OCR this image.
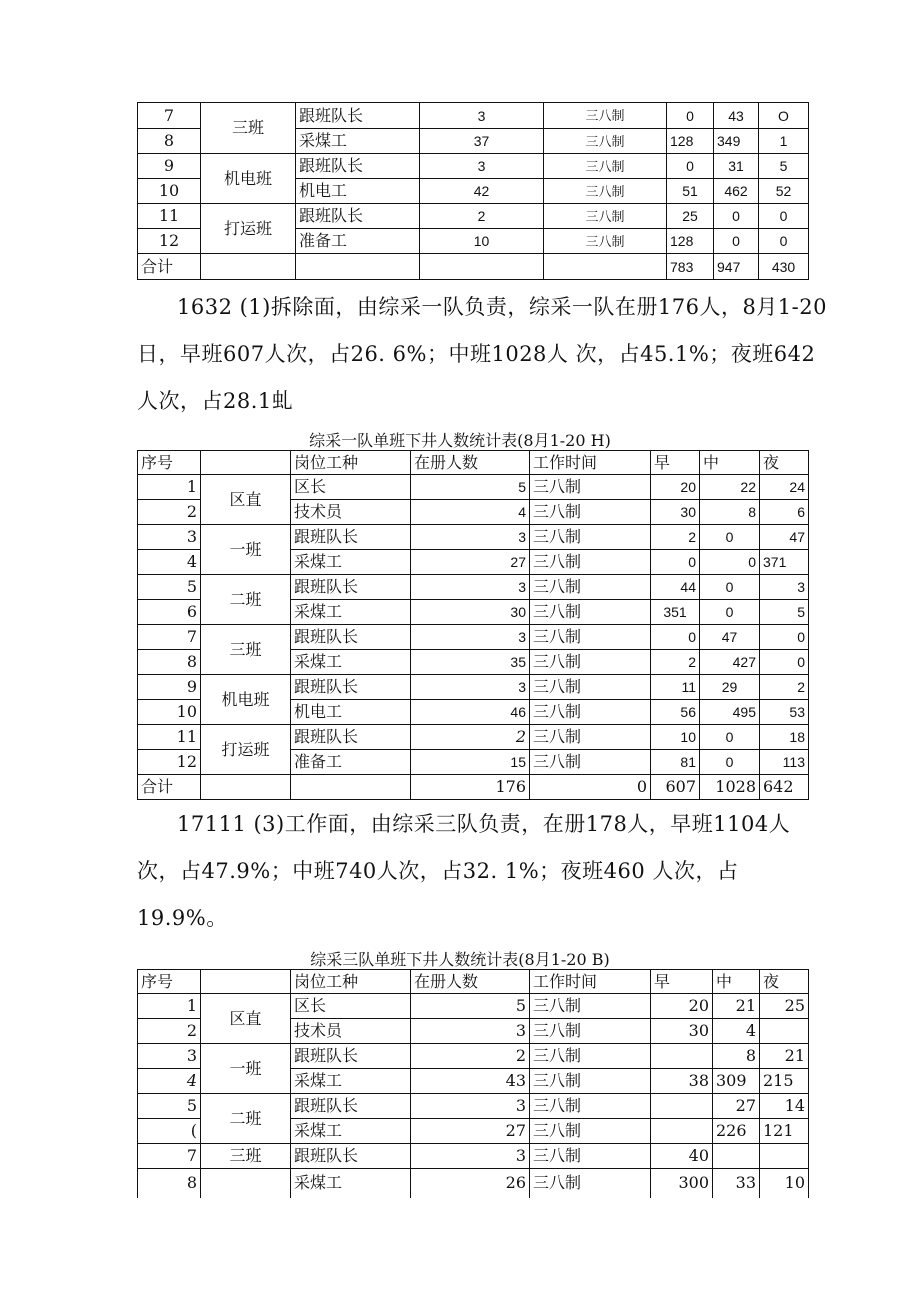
7	三班	跟班队长	3	三八制	0	43	O
8		采煤工	37	三八制	128	349	1
9	机电班	跟班队长	3	三八制	0	31	5
10		机电工	42	三八制	51	462	52
11	打运班	跟班队长	2	三八制	25	0	0
12		准备工	10	三八制	128	0	0
合计					783	947	430
1632 (1)拆除面，由综采一队负责，综采一队在册176人，8月1-20日，早班607人次，占26. 6%；中班1028人 次，占45.1%；夜班642人次，占28.1虬
综采一队单班下井人数统计表(8月1-20 H)
序号		岗位工种	在册人数	工作时间	早	中	夜
1	区直	区长	5	三八制	20	22	24
2		技术员	4	三八制	30	8	6
3	一班	跟班队长	3	三八制	2	0	47
4		采煤工	27	三八制	0	0	371
5	二班	跟班队长	3	三八制	44	0	3
6		采煤工	30	三八制	351	0	5
7	三班	跟班队长	3	三八制	0	47	0
8		采煤工	35	三八制	2	427	0
9	机电班	跟班队长	3	三八制	11	29	2
10		机电工	46	三八制	56	495	53
11	打运班	跟班队长	2	三八制	10	0	18
12		准备工	15	三八制	81	0	113
合计			176	0	607	1028	642
17111 (3)工作面，由综采三队负责，在册178人，早班1104人次，占47.9%；中班740人次，占32. 1%；夜班460 人次，占19.9%。
综采三队单班下井人数统计表(8月1-20 B)
序号		岗位工种	在册人数	工作时间	早	中	夜
1	区直	区长	5	三八制	20	21	25
2		技术员	3	三八制	30	4	
3	一班	跟班队长	2	三八制		8	21
4		采煤工	43	三八制	38	309	215
5	二班	跟班队长	3	三八制		27	14
(		采煤工	27	三八制		226	121
7	三班	跟班队长	3	三八制	40		
8		采煤工	26	三八制	300	33	10
